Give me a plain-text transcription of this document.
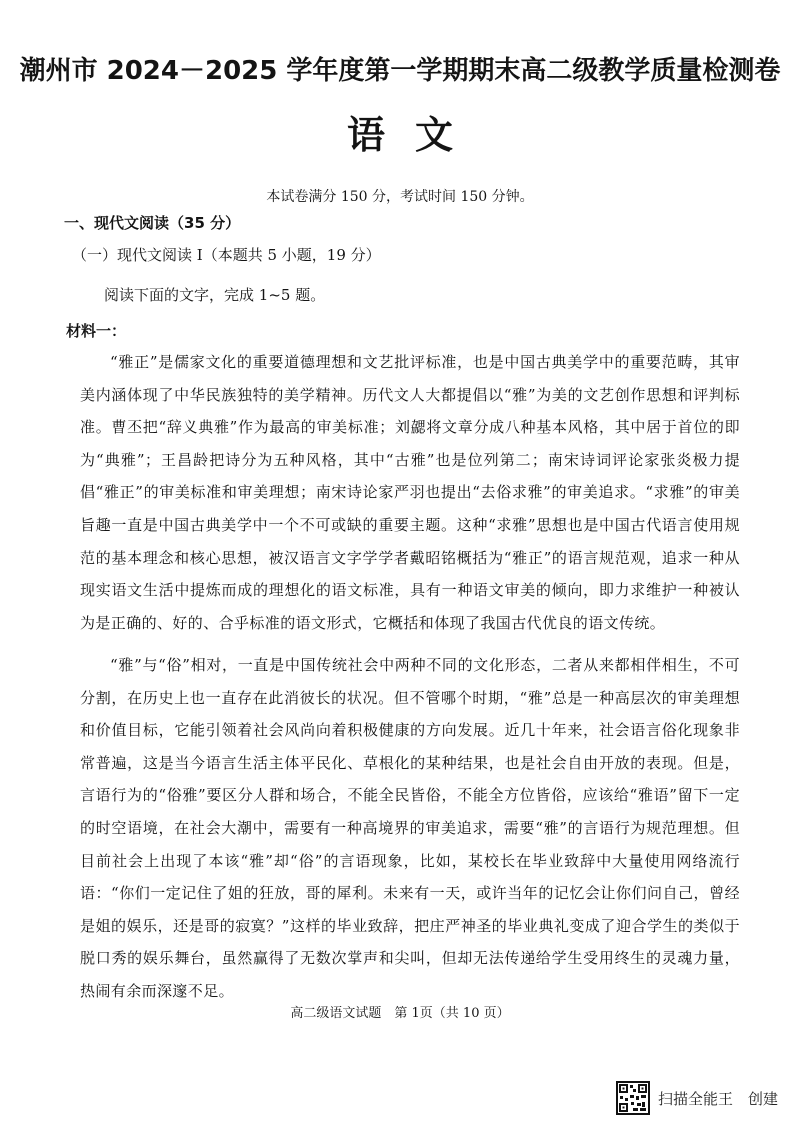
潮州市 2024－2025 学年度第一学期期末高二级教学质量检测卷
语文
本试卷满分 150 分，考试时间 150 分钟。
一、现代文阅读（35 分）
（一）现代文阅读 I（本题共 5 小题，19 分）
阅读下面的文字，完成 1~5 题。
材料一：
“雅正”是儒家文化的重要道德理想和文艺批评标准，也是中国古典美学中的重要范畴，其审美内涵体现了中华民族独特的美学精神。历代文人大都提倡以“雅”为美的文艺创作思想和评判标准。曹丕把“辞义典雅”作为最高的审美标准；刘勰将文章分成八种基本风格，其中居于首位的即为“典雅”；王昌龄把诗分为五种风格，其中“古雅”也是位列第二；南宋诗词评论家张炎极力提倡“雅正”的审美标准和审美理想；南宋诗论家严羽也提出“去俗求雅”的审美追求。“求雅”的审美旨趣一直是中国古典美学中一个不可或缺的重要主题。这种“求雅”思想也是中国古代语言使用规范的基本理念和核心思想，被汉语言文字学学者戴昭铭概括为“雅正”的语言规范观，追求一种从现实语文生活中提炼而成的理想化的语文标准，具有一种语文审美的倾向，即力求维护一种被认为是正确的、好的、合乎标准的语文形式，它概括和体现了我国古代优良的语文传统。
“雅”与“俗”相对，一直是中国传统社会中两种不同的文化形态，二者从来都相伴相生，不可分割，在历史上也一直存在此消彼长的状况。但不管哪个时期，“雅”总是一种高层次的审美理想和价值目标，它能引领着社会风尚向着积极健康的方向发展。近几十年来，社会语言俗化现象非常普遍，这是当今语言生活主体平民化、草根化的某种结果，也是社会自由开放的表现。但是，言语行为的“俗雅”要区分人群和场合，不能全民皆俗，不能全方位皆俗，应该给“雅语”留下一定的时空语境，在社会大潮中，需要有一种高境界的审美追求，需要“雅”的言语行为规范理想。但目前社会上出现了本该“雅”却“俗”的言语现象，比如，某校长在毕业致辞中大量使用网络流行语：“你们一定记住了姐的狂放，哥的犀利。未来有一天，或许当年的记忆会让你们问自己，曾经是姐的娱乐，还是哥的寂寞？”这样的毕业致辞，把庄严神圣的毕业典礼变成了迎合学生的类似于脱口秀的娱乐舞台，虽然赢得了无数次掌声和尖叫，但却无法传递给学生受用终生的灵魂力量，热闹有余而深邃不足。
高二级语文试题　第 1页（共 10 页）
扫描全能王　创建
